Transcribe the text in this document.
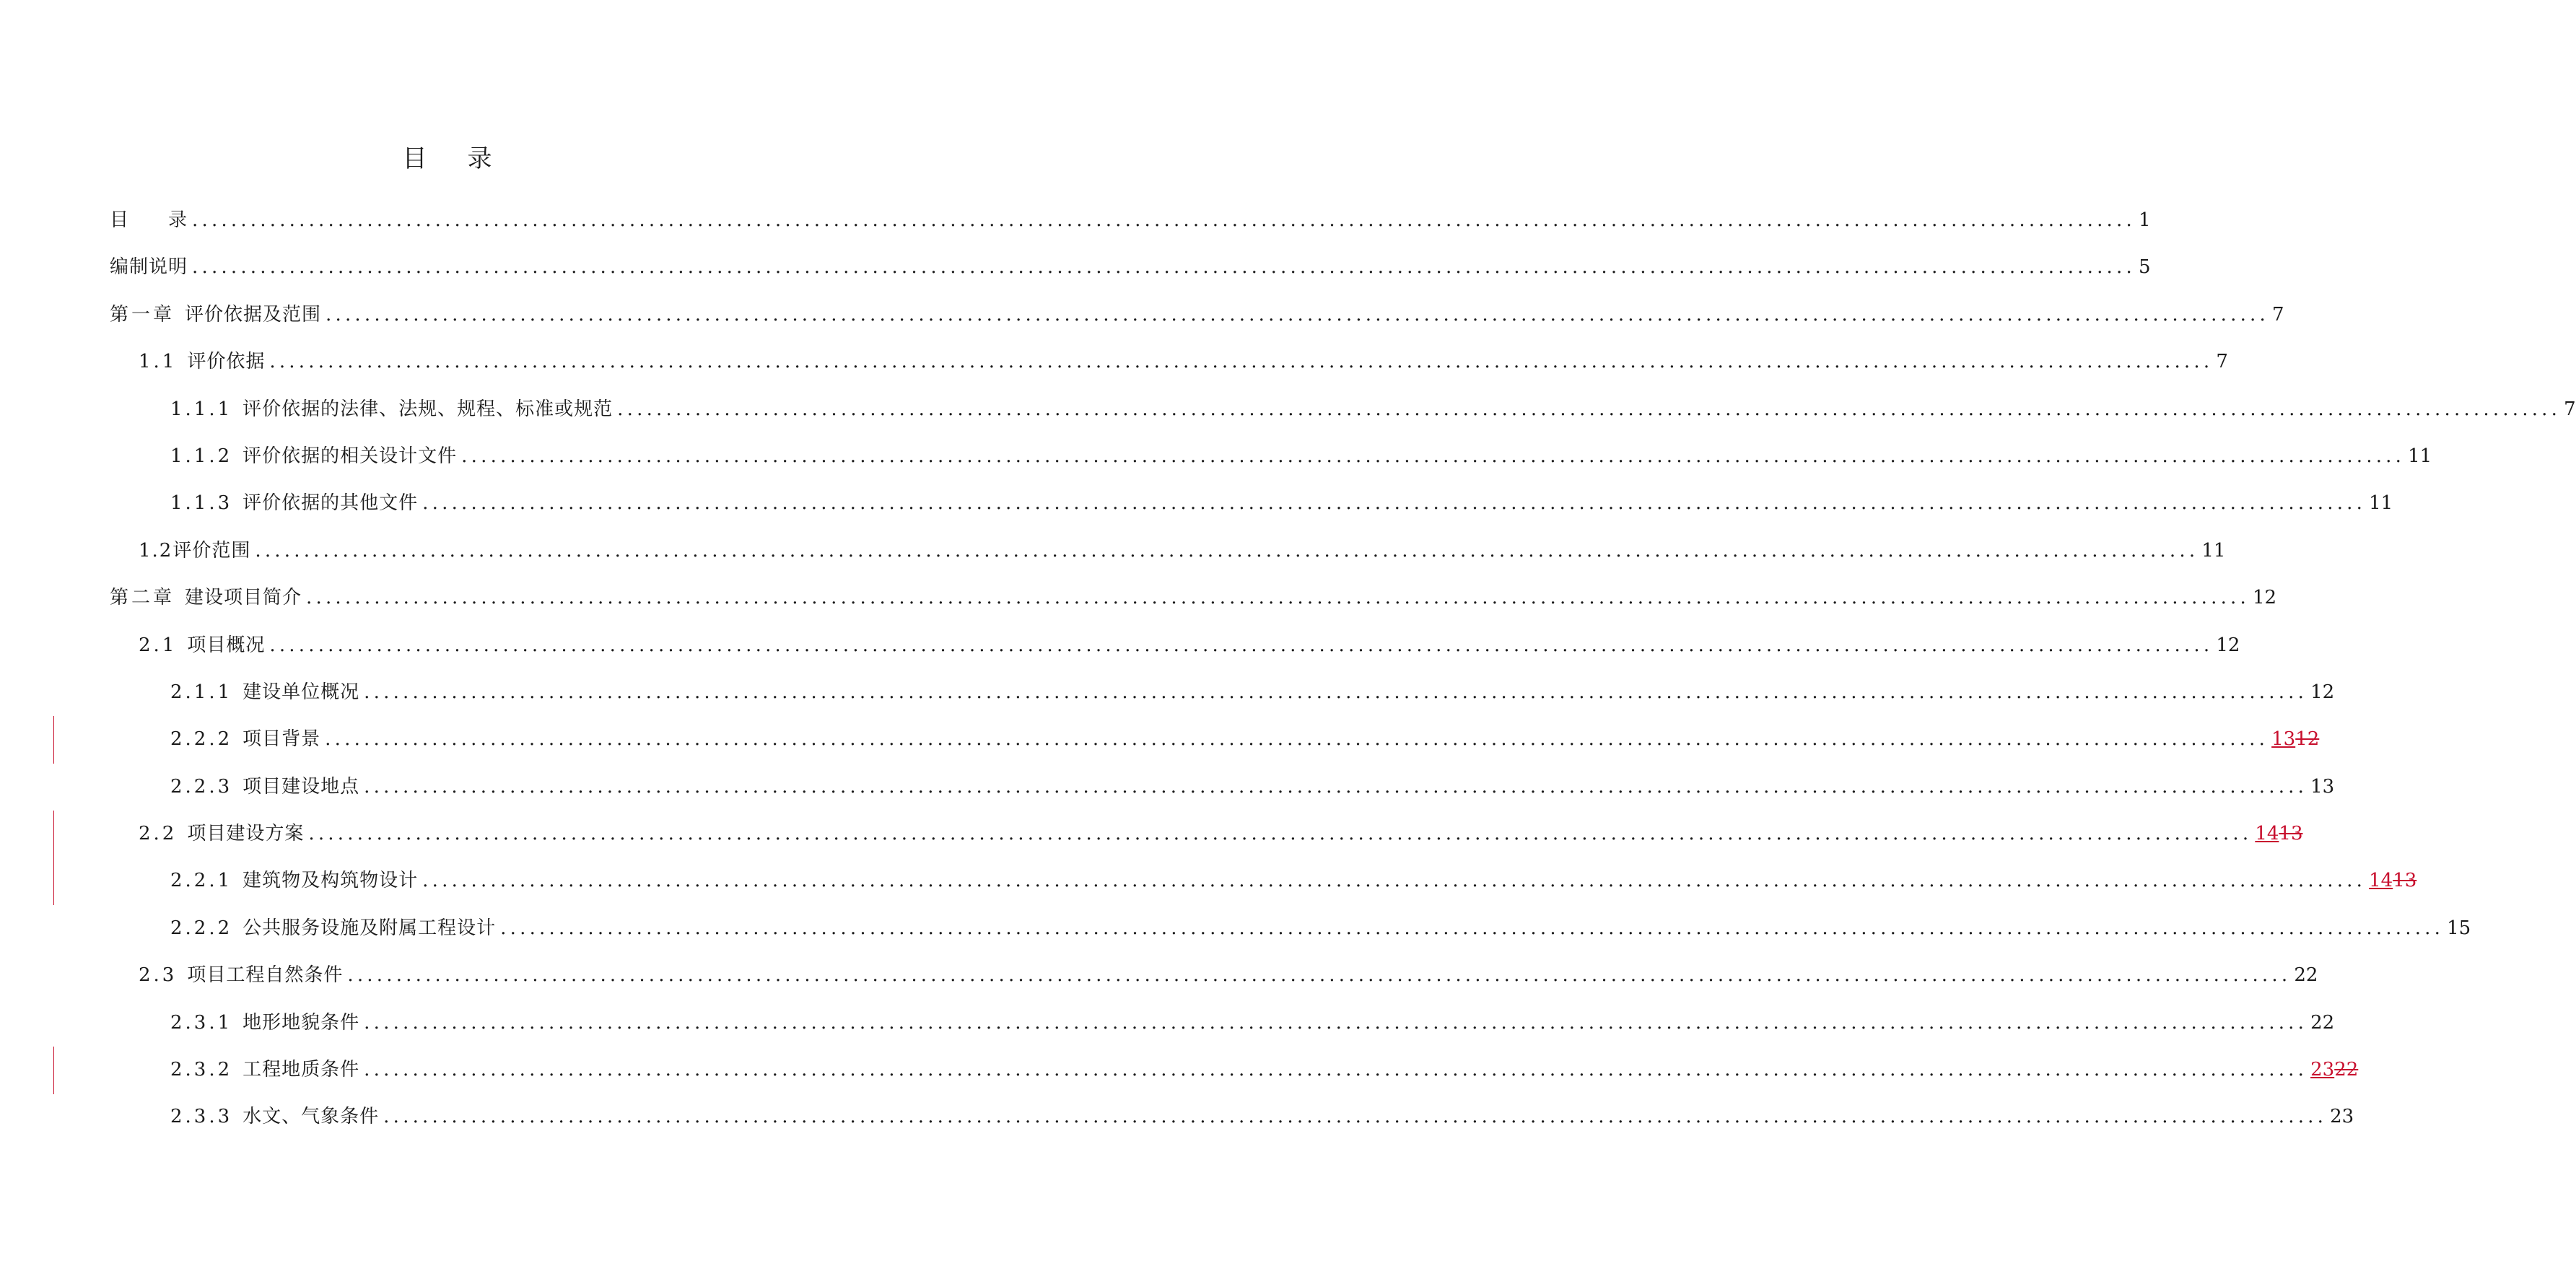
目 录
目　　录 ........................................................................................................................................................................................................ 1
编制说明 ........................................................................................................................................................................................................ 5
第一章 评价依据及范围 ........................................................................................................................................................................................................ 7
1.1 评价依据 ........................................................................................................................................................................................................ 7
1.1.1 评价依据的法律、法规、规程、标准或规范 ........................................................................................................................................................................................................ 7
1.1.2 评价依据的相关设计文件 ........................................................................................................................................................................................................ 11
1.1.3 评价依据的其他文件 ........................................................................................................................................................................................................ 11
1.2 评价范围 ........................................................................................................................................................................................................ 11
第二章 建设项目简介 ........................................................................................................................................................................................................ 12
2.1 项目概况 ........................................................................................................................................................................................................ 12
2.1.1 建设单位概况 ........................................................................................................................................................................................................ 12
2.2.2 项目背景 ........................................................................................................................................................................................................ 1312
2.2.3 项目建设地点 ........................................................................................................................................................................................................ 13
2.2 项目建设方案 ........................................................................................................................................................................................................ 1413
2.2.1 建筑物及构筑物设计 ........................................................................................................................................................................................................ 1413
2.2.2 公共服务设施及附属工程设计 ........................................................................................................................................................................................................ 15
2.3 项目工程自然条件 ........................................................................................................................................................................................................ 22
2.3.1 地形地貌条件 ........................................................................................................................................................................................................ 22
2.3.2 工程地质条件 ........................................................................................................................................................................................................ 2322
2.3.3 水文、气象条件 ........................................................................................................................................................................................................ 23
